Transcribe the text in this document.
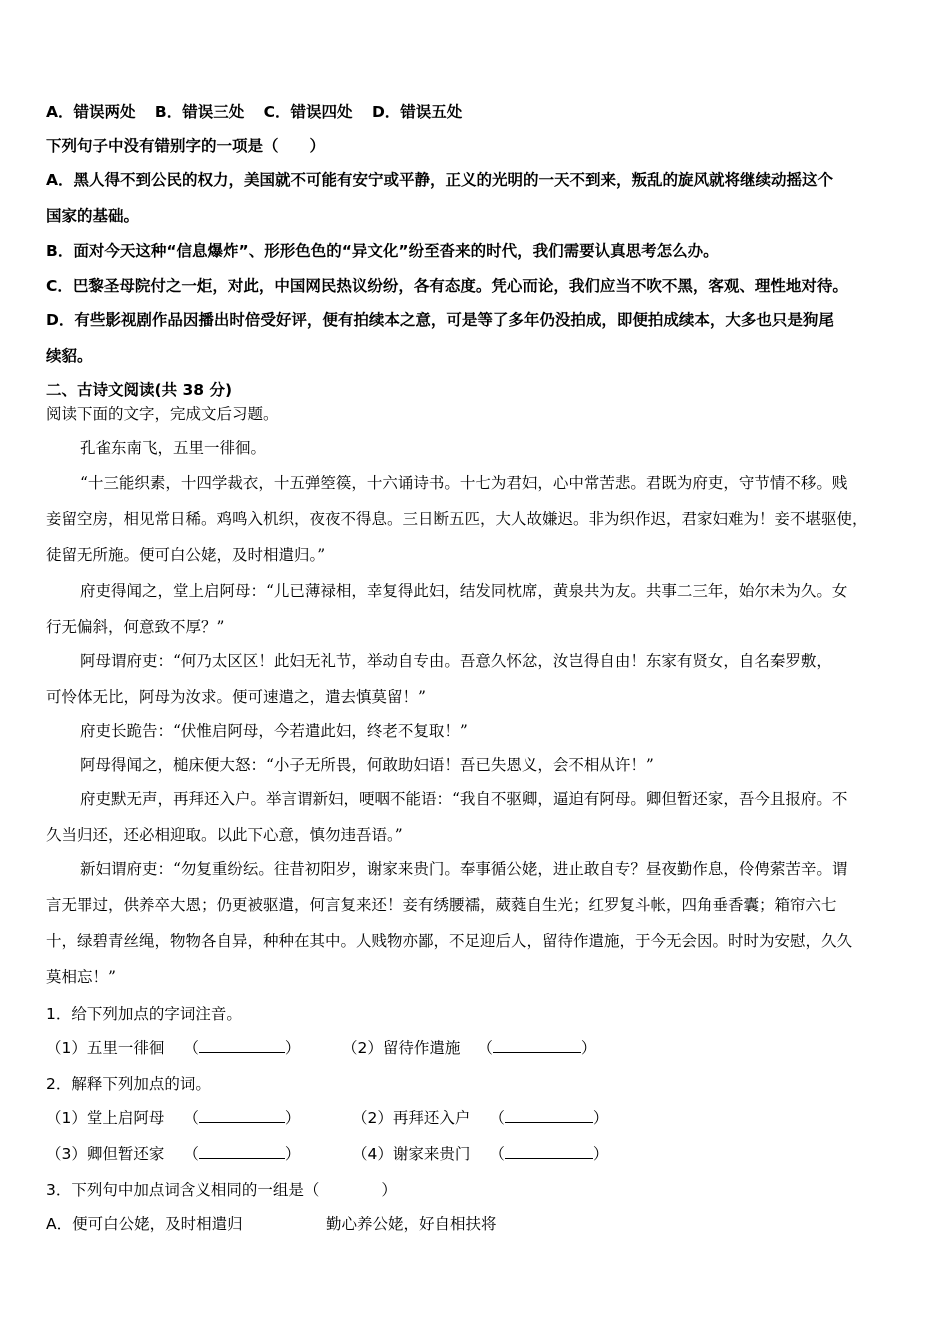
A．错误两处 B．错误三处 C．错误四处 D．错误五处
下列句子中没有错别字的一项是（　　）
A．黑人得不到公民的权力，美国就不可能有安宁或平静，正义的光明的一天不到来，叛乱的旋风就将继续动摇这个
国家的基础。
B．面对今天这种“信息爆炸”、形形色色的“异文化”纷至沓来的时代，我们需要认真思考怎么办。
C．巴黎圣母院付之一炬，对此，中国网民热议纷纷，各有态度。凭心而论，我们应当不吹不黑，客观、理性地对待。
D．有些影视剧作品因播出时倍受好评，便有拍续本之意，可是等了多年仍没拍成，即便拍成续本，大多也只是狗尾
续貂。
二、古诗文阅读(共 38 分)
阅读下面的文字，完成文后习题。
孔雀东南飞，五里一徘徊。
“十三能织素，十四学裁衣，十五弹箜篌，十六诵诗书。十七为君妇，心中常苦悲。君既为府吏，守节情不移。贱
妾留空房，相见常日稀。鸡鸣入机织，夜夜不得息。三日断五匹，大人故嫌迟。非为织作迟，君家妇难为！妾不堪驱使，
徒留无所施。便可白公姥，及时相遣归。”
府吏得闻之，堂上启阿母：“儿已薄禄相，幸复得此妇，结发同枕席，黄泉共为友。共事二三年，始尔未为久。女
行无偏斜，何意致不厚？”
阿母谓府吏：“何乃太区区！此妇无礼节，举动自专由。吾意久怀忿，汝岂得自由！东家有贤女，自名秦罗敷，
可怜体无比，阿母为汝求。便可速遣之，遣去慎莫留！”
府吏长跪告：“伏惟启阿母，今若遣此妇，终老不复取！”
阿母得闻之，槌床便大怒：“小子无所畏，何敢助妇语！吾已失恩义，会不相从许！”
府吏默无声，再拜还入户。举言谓新妇，哽咽不能语：“我自不驱卿，逼迫有阿母。卿但暂还家，吾今且报府。不
久当归还，还必相迎取。以此下心意，慎勿违吾语。”
新妇谓府吏：“勿复重纷纭。往昔初阳岁，谢家来贵门。奉事循公姥，进止敢自专？昼夜勤作息，伶俜萦苦辛。谓
言无罪过，供养卒大恩；仍更被驱遣，何言复来还！妾有绣腰襦，葳蕤自生光；红罗复斗帐，四角垂香囊；箱帘六七
十，绿碧青丝绳，物物各自异，种种在其中。人贱物亦鄙，不足迎后人，留待作遣施，于今无会因。时时为安慰，久久
莫相忘！”
1．给下列加点的字词注音。
（1）五里一徘徊 （	）	（2）留待作遣施 （	）
2．解释下列加点的词。
（1）堂上启阿母 （	）	（2）再拜还入户 （	）
（3）卿但暂还家 （	）	（4）谢家来贵门 （	）
3．下列句中加点词含义相同的一组是（　　　　）
A．便可白公姥，及时相遣归	勤心养公姥，好自相扶将
